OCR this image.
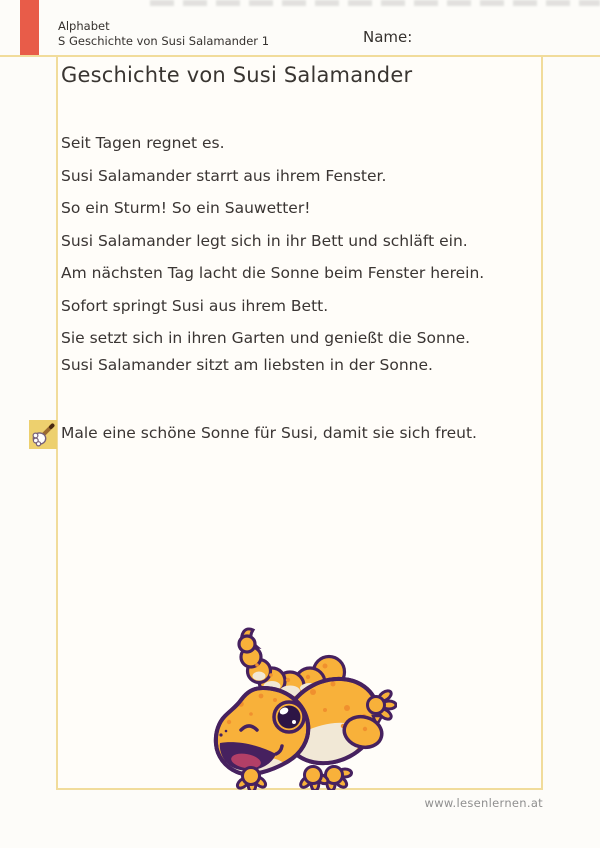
Alphabet
S Geschichte von Susi Salamander 1	Name:
Geschichte von Susi Salamander

Seit Tagen regnet es.

Susi Salamander starrt aus ihrem Fenster.

So ein Sturm! So ein Sauwetter!

Susi Salamander legt sich in ihr Bett und schläft ein.

Am nächsten Tag lacht die Sonne beim Fenster herein.

Sofort springt Susi aus ihrem Bett.

Sie setzt sich in ihren Garten und genießt die Sonne.

Susi Salamander sitzt am liebsten in der Sonne.

Male eine schöne Sonne für Susi, damit sie sich freut.

www.lesenlernen.at
